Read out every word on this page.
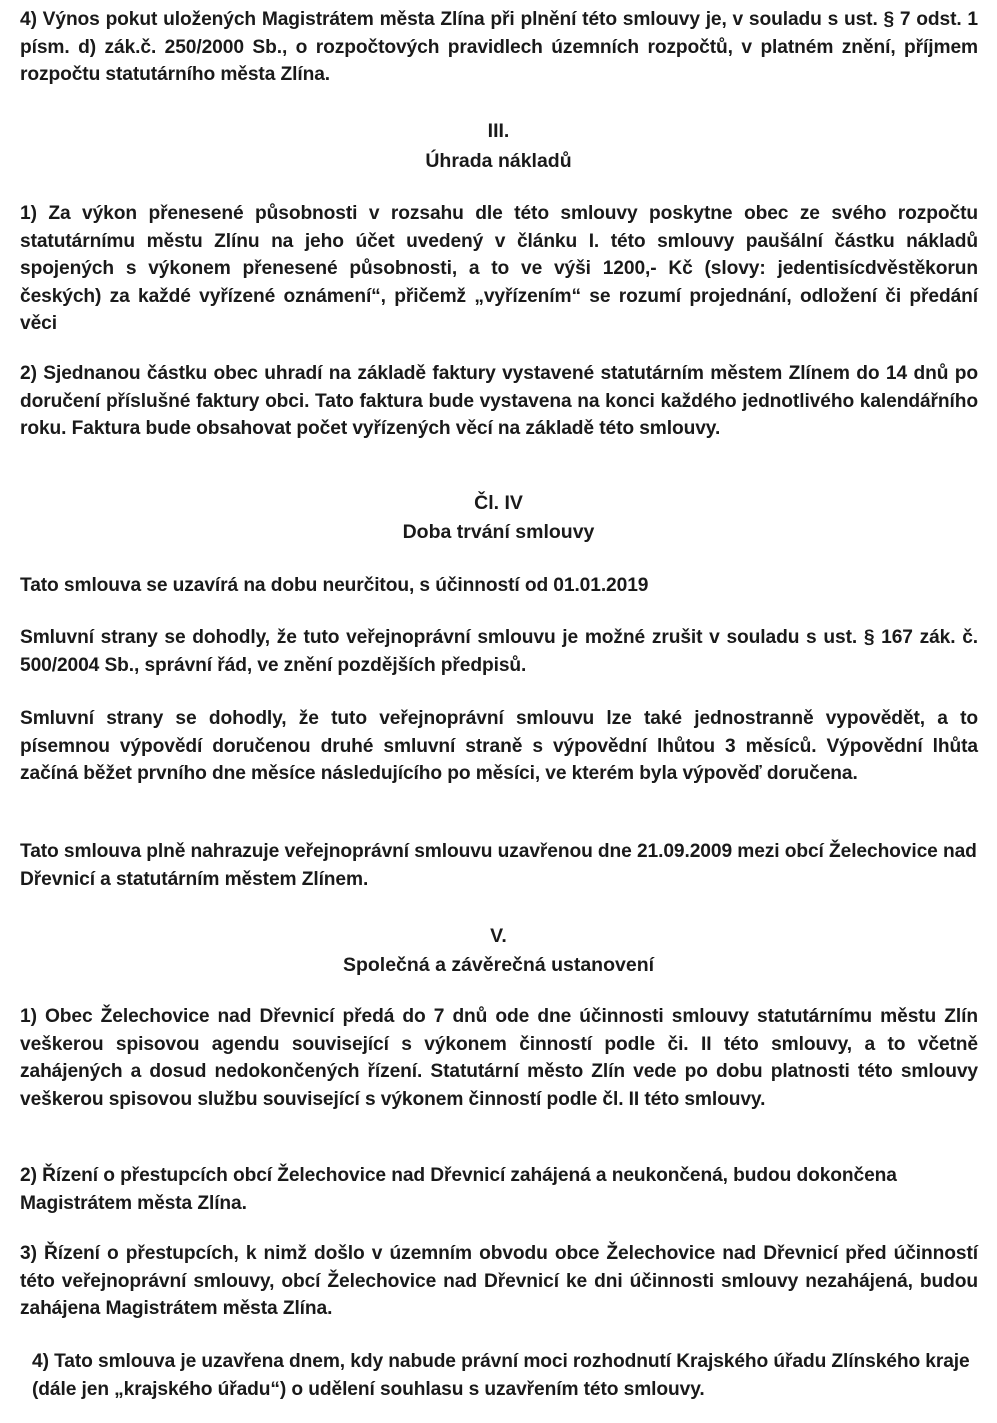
4) Výnos pokut uložených Magistrátem města Zlína při plnění této smlouvy je, v souladu s ust. § 7 odst. 1 písm. d) zák.č. 250/2000 Sb., o rozpočtových pravidlech územních rozpočtů, v platném znění, příjmem rozpočtu statutárního města Zlína.

III.

Úhrada nákladů

1) Za výkon přenesené působnosti v rozsahu dle této smlouvy poskytne obec ze svého rozpočtu statutárnímu městu Zlínu na jeho účet uvedený v článku I. této smlouvy paušální částku nákladů spojených s výkonem přenesené působnosti, a to ve výši 1200,- Kč (slovy: jedentisícdvěstěkorun českých) za každé vyřízené oznámení“, přičemž „vyřízením“ se rozumí projednání, odložení či předání věci

2) Sjednanou částku obec uhradí na základě faktury vystavené statutárním městem Zlínem do 14 dnů po doručení příslušné faktury obci. Tato faktura bude vystavena na konci každého jednotlivého kalendářního roku. Faktura bude obsahovat počet vyřízených věcí na základě této smlouvy.

Čl. IV

Doba trvání smlouvy

Tato smlouva se uzavírá na dobu neurčitou, s účinností od 01.01.2019

Smluvní strany se dohodly, že tuto veřejnoprávní smlouvu je možné zrušit v souladu s ust. § 167 zák. č. 500/2004 Sb., správní řád, ve znění pozdějších předpisů.

Smluvní strany se dohodly, že tuto veřejnoprávní smlouvu lze také jednostranně vypovědět, a to písemnou výpovědí doručenou druhé smluvní straně s výpovědní lhůtou 3 měsíců. Výpovědní lhůta začíná běžet prvního dne měsíce následujícího po měsíci, ve kterém byla výpověď doručena.

Tato smlouva plně nahrazuje veřejnoprávní smlouvu uzavřenou dne 21.09.2009 mezi obcí Želechovice nad Dřevnicí a statutárním městem Zlínem.

V.

Společná a závěrečná ustanovení

1) Obec Želechovice nad Dřevnicí předá do 7 dnů ode dne účinnosti smlouvy statutárnímu městu Zlín veškerou spisovou agendu související s výkonem činností podle či. II této smlouvy, a to včetně zahájených a dosud nedokončených řízení. Statutární město Zlín vede po dobu platnosti této smlouvy veškerou spisovou službu související s výkonem činností podle čl. II této smlouvy.

2) Řízení o přestupcích obcí Želechovice nad Dřevnicí zahájená a neukončená, budou dokončena Magistrátem města Zlína.

3) Řízení o přestupcích, k nimž došlo v územním obvodu obce Želechovice nad Dřevnicí před účinností této veřejnoprávní smlouvy, obcí Želechovice nad Dřevnicí ke dni účinnosti smlouvy nezahájená, budou zahájena Magistrátem města Zlína.

4) Tato smlouva je uzavřena dnem, kdy nabude právní moci rozhodnutí Krajského úřadu Zlínského kraje (dále jen „krajského úřadu“) o udělení souhlasu s uzavřením této smlouvy.
